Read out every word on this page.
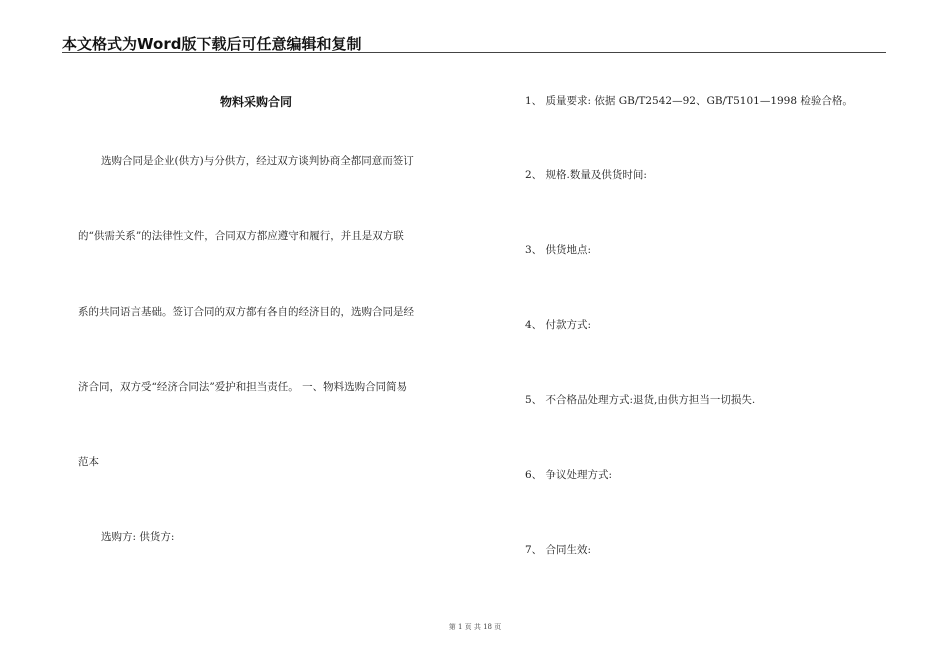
本文格式为Word版下载后可任意编辑和复制
物料采购合同
选购合同是企业(供方)与分供方，经过双方谈判协商全都同意而签订
的“供需关系”的法律性文件，合同双方都应遵守和履行，并且是双方联
系的共同语言基础。签订合同的双方都有各自的经济目的，选购合同是经
济合同，双方受“经济合同法”爱护和担当责任。 一、物料选购合同简易
范本
选购方: 供货方:
1、 质量要求: 依据 GB/T2542—92、GB/T5101—1998 检验合格。
2、 规格.数量及供货时间:
3、 供货地点:
4、 付款方式:
5、 不合格品处理方式:退货,由供方担当一切损失.
6、 争议处理方式:
7、 合同生效:
第 1 页 共 18 页
